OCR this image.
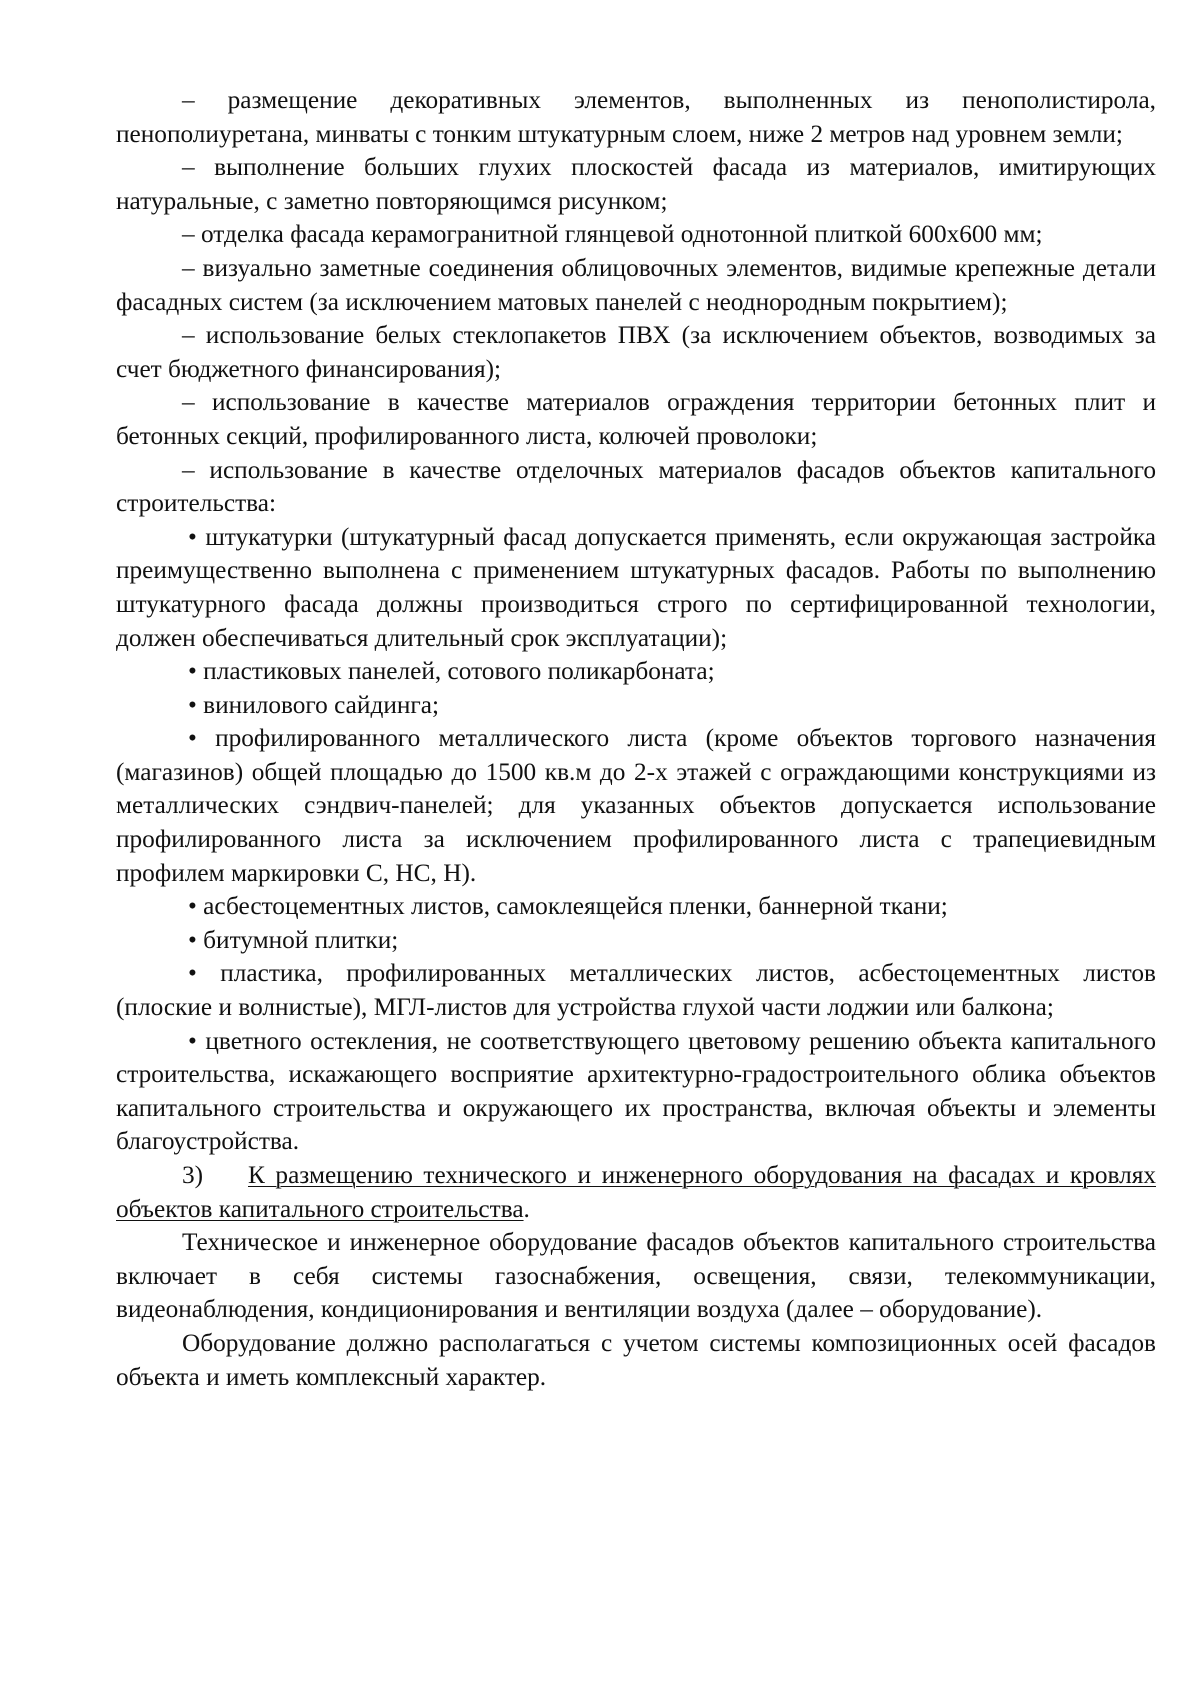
– размещение декоративных элементов, выполненных из пенополистирола, пенополиуретана, минваты с тонким штукатурным слоем, ниже 2 метров над уровнем земли;

– выполнение больших глухих плоскостей фасада из материалов, имитирующих натуральные, с заметно повторяющимся рисунком;

– отделка фасада керамогранитной глянцевой однотонной плиткой 600х600 мм;

– визуально заметные соединения облицовочных элементов, видимые крепежные детали фасадных систем (за исключением матовых панелей с неоднородным покрытием);

– использование белых стеклопакетов ПВХ (за исключением объектов, возводимых за счет бюджетного финансирования);

– использование в качестве материалов ограждения территории бетонных плит и бетонных секций, профилированного листа, колючей проволоки;

– использование в качестве отделочных материалов фасадов объектов капитального строительства:

• штукатурки (штукатурный фасад допускается применять, если окружающая застройка преимущественно выполнена с применением штукатурных фасадов. Работы по выполнению штукатурного фасада должны производиться строго по сертифицированной технологии, должен обеспечиваться длительный срок эксплуатации);

• пластиковых панелей, сотового поликарбоната;

• винилового сайдинга;

• профилированного металлического листа (кроме объектов торгового назначения (магазинов) общей площадью до 1500 кв.м до 2-х этажей с ограждающими конструкциями из металлических сэндвич-панелей; для указанных объектов допускается использование профилированного листа за исключением профилированного листа с трапециевидным профилем маркировки С, НС, Н).

• асбестоцементных листов, самоклеящейся пленки, баннерной ткани;

• битумной плитки;

• пластика, профилированных металлических листов, асбестоцементных листов (плоские и волнистые), МГЛ-листов для устройства глухой части лоджии или балкона;

• цветного остекления, не соответствующего цветовому решению объекта капитального строительства, искажающего восприятие архитектурно-градостроительного облика объектов капитального строительства и окружающего их пространства, включая объекты и элементы благоустройства.

3) К размещению технического и инженерного оборудования на фасадах и кровлях объектов капитального строительства.

Техническое и инженерное оборудование фасадов объектов капитального строительства включает в себя системы газоснабжения, освещения, связи, телекоммуникации, видеонаблюдения, кондиционирования и вентиляции воздуха (далее – оборудование).

Оборудование должно располагаться с учетом системы композиционных осей фасадов объекта и иметь комплексный характер.
